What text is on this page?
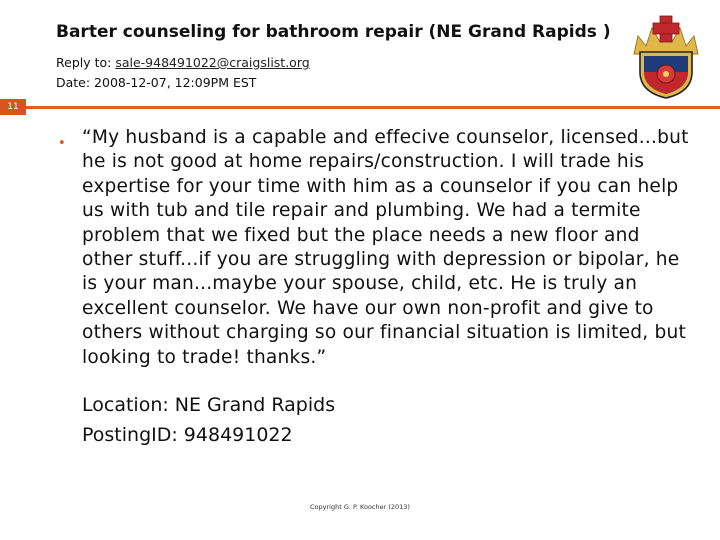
Barter counseling for bathroom repair (NE Grand Rapids )
Reply to: sale-948491022@craigslist.org
Date: 2008-12-07, 12:09PM EST
11
• “My husband is a capable and effecive counselor, licensed...but he is not good at home repairs/construction. I will trade his expertise for your time with him as a counselor if you can help us with tub and tile repair and plumbing. We had a termite problem that we fixed but the place needs a new floor and other stuff...if you are struggling with depression or bipolar, he is your man...maybe your spouse, child, etc. He is truly an excellent counselor. We have our own non-profit and give to others without charging so our financial situation is limited, but looking to trade! thanks.”
Location: NE Grand Rapids
PostingID: 948491022
Copyright G. P. Koocher (2013)
